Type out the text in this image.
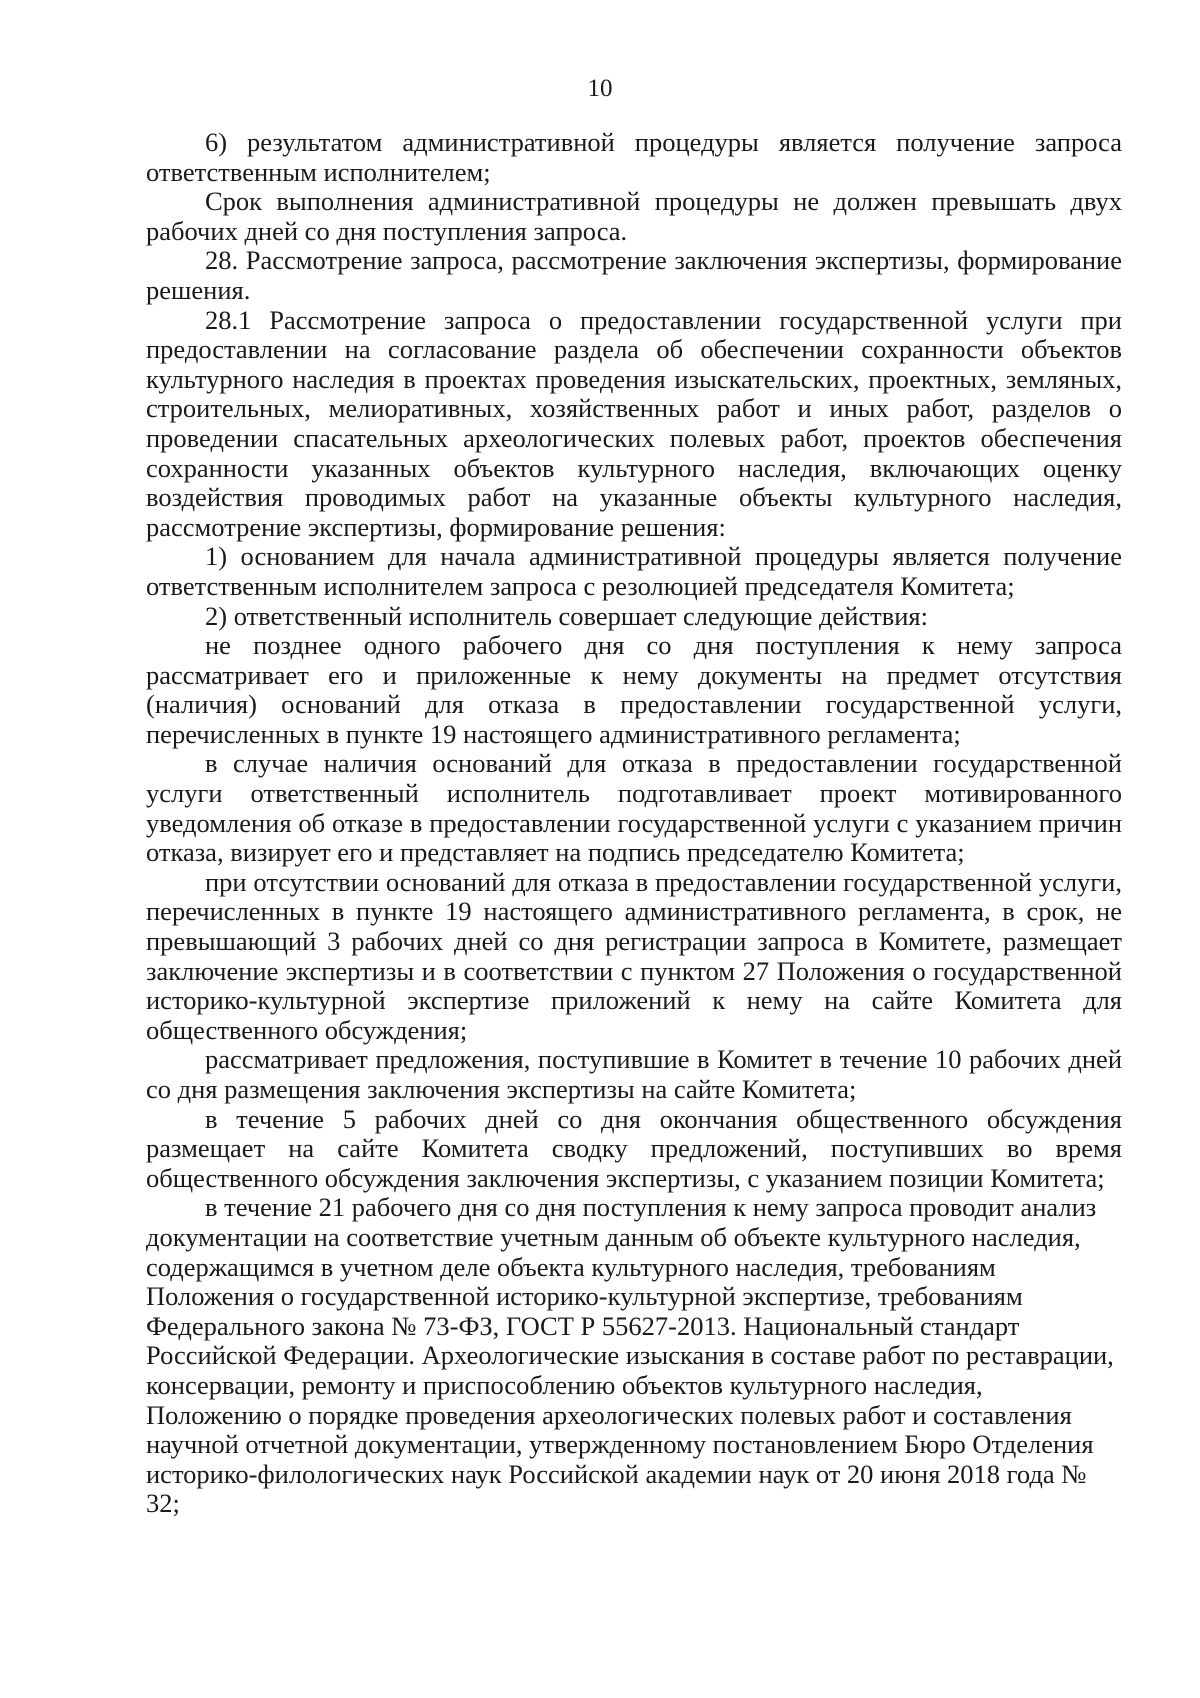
10

6) результатом административной процедуры является получение запроса ответственным исполнителем;

Срок выполнения административной процедуры не должен превышать двух рабочих дней со дня поступления запроса.

28. Рассмотрение запроса, рассмотрение заключения экспертизы, формирование решения.

28.1 Рассмотрение запроса о предоставлении государственной услуги при предоставлении на согласование раздела об обеспечении сохранности объектов культурного наследия в проектах проведения изыскательских, проектных, земляных, строительных, мелиоративных, хозяйственных работ и иных работ, разделов о проведении спасательных археологических полевых работ, проектов обеспечения сохранности указанных объектов культурного наследия, включающих оценку воздействия проводимых работ на указанные объекты культурного наследия, рассмотрение экспертизы, формирование решения:

1) основанием для начала административной процедуры является получение ответственным исполнителем запроса с резолюцией председателя Комитета;

2) ответственный исполнитель совершает следующие действия:

не позднее одного рабочего дня со дня поступления к нему запроса рассматривает его и приложенные к нему документы на предмет отсутствия (наличия) оснований для отказа в предоставлении государственной услуги, перечисленных в пункте 19 настоящего административного регламента;

в случае наличия оснований для отказа в предоставлении государственной услуги ответственный исполнитель подготавливает проект мотивированного уведомления об отказе в предоставлении государственной услуги с указанием причин отказа, визирует его и представляет на подпись председателю Комитета;

при отсутствии оснований для отказа в предоставлении государственной услуги, перечисленных в пункте 19 настоящего административного регламента, в срок, не превышающий 3 рабочих дней со дня регистрации запроса в Комитете, размещает заключение экспертизы и в соответствии с пунктом 27 Положения о государственной историко-культурной экспертизе приложений к нему на сайте Комитета для общественного обсуждения;

рассматривает предложения, поступившие в Комитет в течение 10 рабочих дней со дня размещения заключения экспертизы на сайте Комитета;

в течение 5 рабочих дней со дня окончания общественного обсуждения размещает на сайте Комитета сводку предложений, поступивших во время общественного обсуждения заключения экспертизы, с указанием позиции Комитета;

в течение 21 рабочего дня со дня поступления к нему запроса проводит анализ документации на соответствие учетным данным об объекте культурного наследия, содержащимся в учетном деле объекта культурного наследия, требованиям Положения о государственной историко-культурной экспертизе, требованиям Федерального закона № 73-ФЗ, ГОСТ Р 55627-2013. Национальный стандарт Российской Федерации. Археологические изыскания в составе работ по реставрации, консервации, ремонту и приспособлению объектов культурного наследия, Положению о порядке проведения археологических полевых работ и составления научной отчетной документации, утвержденному постановлением Бюро Отделения историко-филологических наук Российской академии наук от 20 июня 2018 года № 32;
